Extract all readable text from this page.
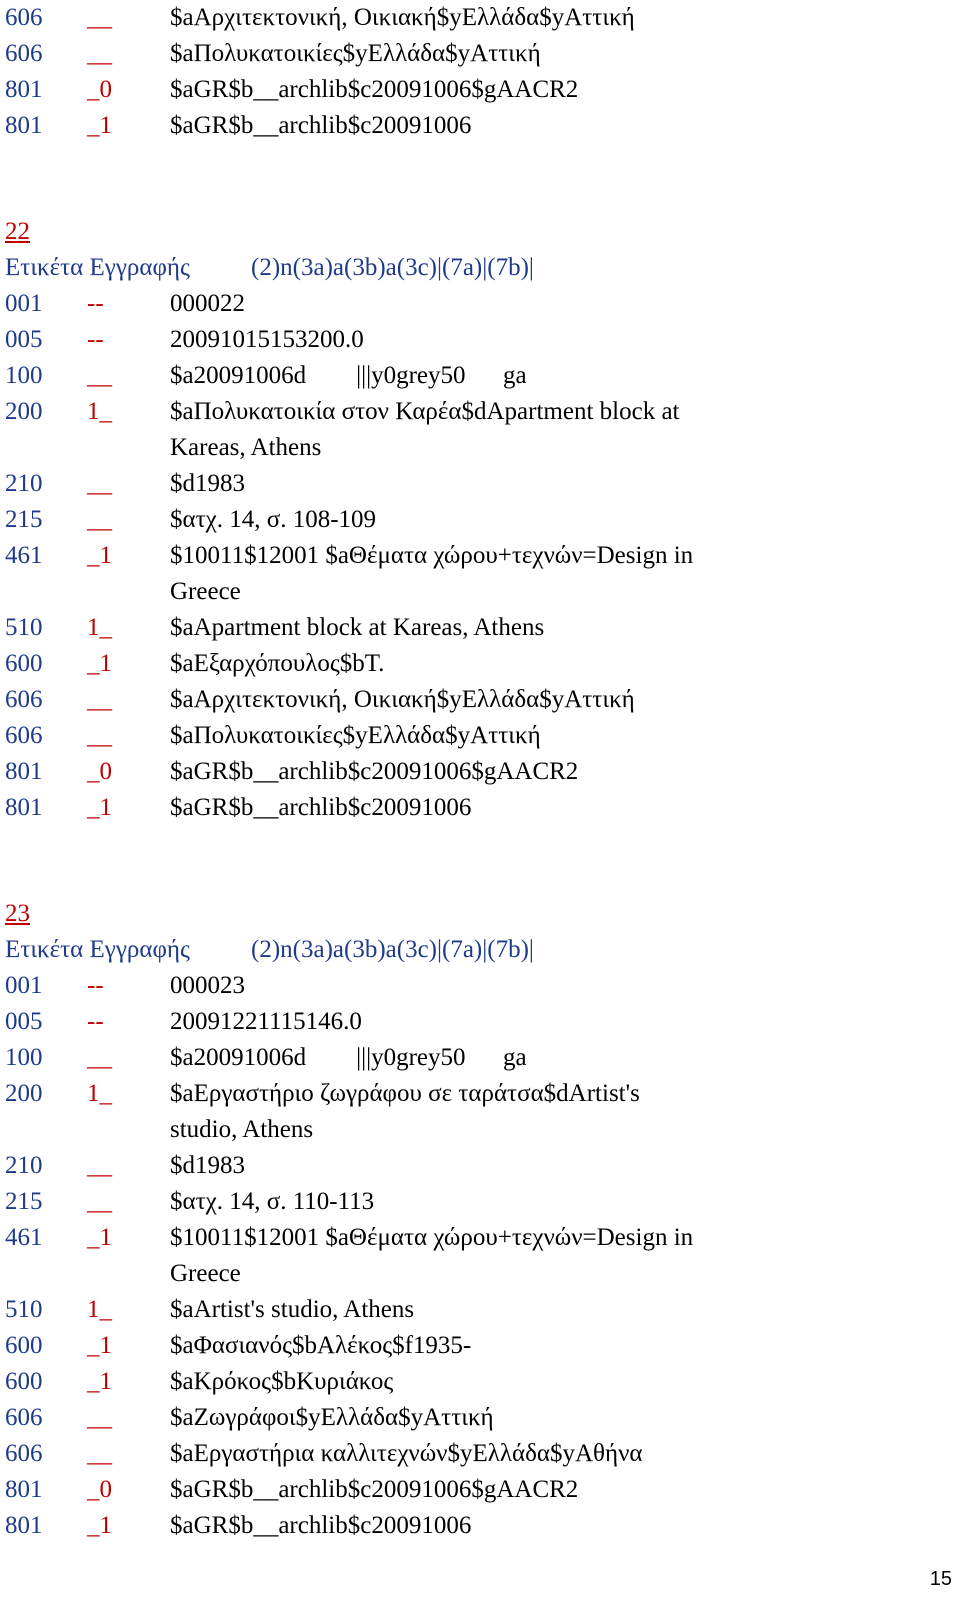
606 __ $aΑρχιτεκτονική, Οικιακή$yΕλλάδα$yΑττική
606 __ $aΠολυκατοικίες$yΕλλάδα$yΑττική
801 _0 $aGR$b__archlib$c20091006$gAACR2
801 _1 $aGR$b__archlib$c20091006
22
Ετικέτα Εγγραφής (2)n(3a)a(3b)a(3c)|(7a)|(7b)|
001 --	000022
005 --	20091015153200.0
100 __ $a20091006d        |||y0grey50      ga
200 1_ $aΠολυκατοικία στον Καρέα$dApartment block at
Kareas, Athens
210 __ $d1983
215 __ $ατχ. 14, σ. 108-109
461 _1 $10011$12001 $aΘέματα χώρου+τεχνών=Design in
Greece
510 1_ $aApartment block at Kareas, Athens
600 _1 $aΕξαρχόπουλος$bT.
606 __ $aΑρχιτεκτονική, Οικιακή$yΕλλάδα$yΑττική
606 __ $aΠολυκατοικίες$yΕλλάδα$yΑττική
801 _0 $aGR$b__archlib$c20091006$gAACR2
801 _1 $aGR$b__archlib$c20091006
23
Ετικέτα Εγγραφής (2)n(3a)a(3b)a(3c)|(7a)|(7b)|
001 --	000023
005 --	20091221115146.0
100 __ $a20091006d        |||y0grey50      ga
200 1_ $aΕργαστήριο ζωγράφου σε ταράτσα$dArtist's
studio, Athens
210 __ $d1983
215 __ $ατχ. 14, σ. 110-113
461 _1 $10011$12001 $aΘέματα χώρου+τεχνών=Design in
Greece
510 1_ $aArtist's studio, Athens
600 _1 $aΦασιανός$bΑλέκος$f1935-
600 _1 $aΚρόκος$bΚυριάκος
606 __ $aΖωγράφοι$yΕλλάδα$yΑττική
606 __ $aΕργαστήρια καλλιτεχνών$yΕλλάδα$yΑθήνα
801 _0 $aGR$b__archlib$c20091006$gAACR2
801 _1 $aGR$b__archlib$c20091006
15
